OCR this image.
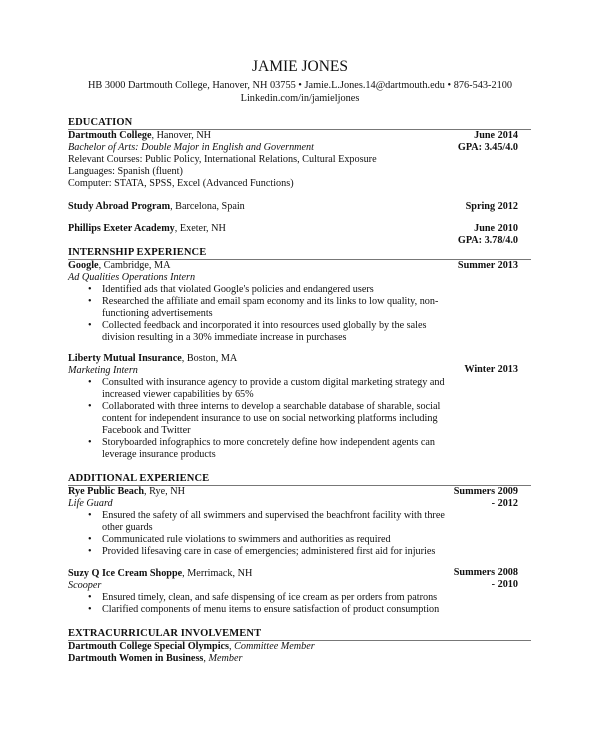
JAMIE JONES
HB 3000 Dartmouth College, Hanover, NH 03755 • Jamie.L.Jones.14@dartmouth.edu • 876-543-2100
Linkedin.com/in/jamieljones
EDUCATION
Dartmouth College, Hanover, NH
Bachelor of Arts: Double Major in English and Government
Relevant Courses: Public Policy, International Relations, Cultural Exposure
Languages: Spanish (fluent)
Computer: STATA, SPSS, Excel (Advanced Functions)
June 2014
GPA: 3.45/4.0
Study Abroad Program, Barcelona, Spain	Spring 2012
Phillips Exeter Academy, Exeter, NH	June 2010
GPA: 3.78/4.0
INTERNSHIP EXPERIENCE
Google, Cambridge, MA
Ad Qualities Operations Intern
• Identified ads that violated Google's policies and endangered users
• Researched the affiliate and email spam economy and its links to low quality, non-functioning advertisements
• Collected feedback and incorporated it into resources used globally by the sales division resulting in a 30% immediate increase in purchases
Summer 2013
Liberty Mutual Insurance, Boston, MA
Marketing Intern
• Consulted with insurance agency to provide a custom digital marketing strategy and increased viewer capabilities by 65%
• Collaborated with three interns to develop a searchable database of sharable, social content for independent insurance to use on social networking platforms including Facebook and Twitter
• Storyboarded infographics to more concretely define how independent agents can leverage insurance products
Winter 2013
ADDITIONAL EXPERIENCE
Rye Public Beach, Rye, NH
Life Guard
• Ensured the safety of all swimmers and supervised the beachfront facility with three other guards
• Communicated rule violations to swimmers and authorities as required
• Provided lifesaving care in case of emergencies; administered first aid for injuries
Summers 2009
- 2012
Suzy Q Ice Cream Shoppe, Merrimack, NH
Scooper
• Ensured timely, clean, and safe dispensing of ice cream as per orders from patrons
• Clarified components of menu items to ensure satisfaction of product consumption
Summers 2008
- 2010
EXTRACURRICULAR INVOLVEMENT
Dartmouth College Special Olympics, Committee Member
Dartmouth Women in Business, Member
